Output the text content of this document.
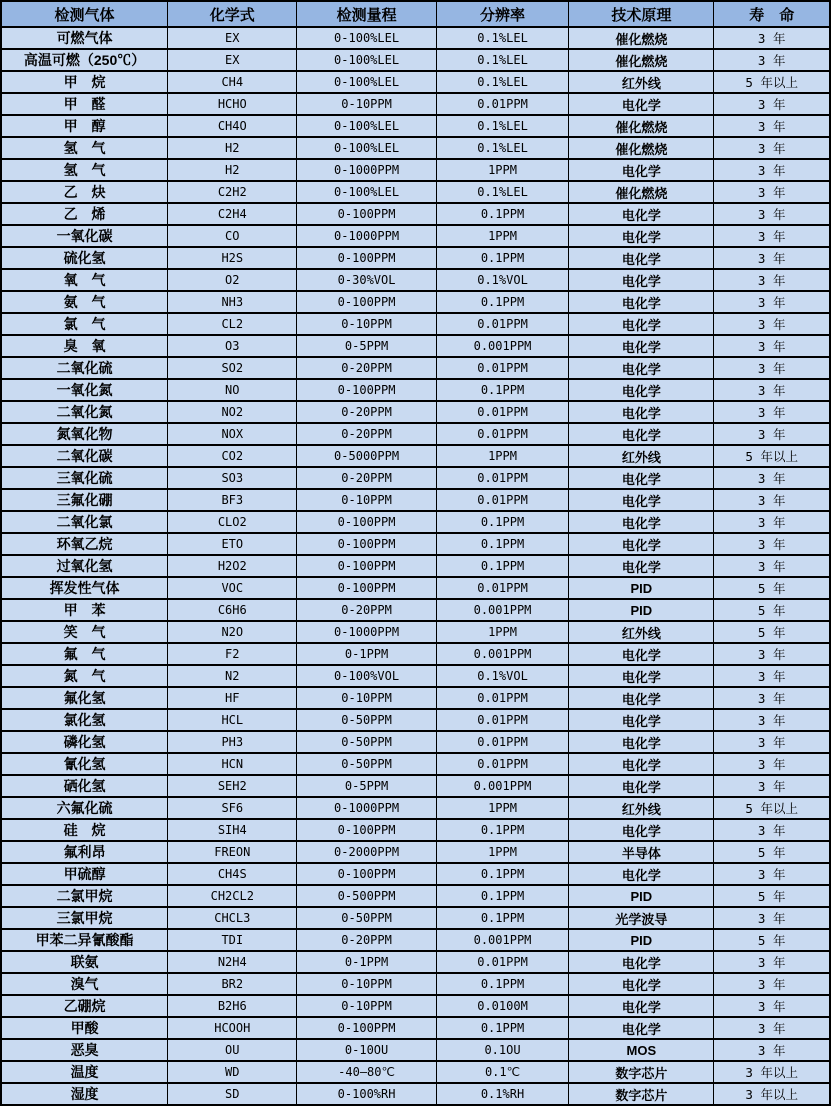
检测气体	化学式	检测量程	分辨率	技术原理	寿　命
可燃气体	EX	0-100%LEL	0.1%LEL	催化燃烧	3 年
高温可燃（250℃）	EX	0-100%LEL	0.1%LEL	催化燃烧	3 年
甲　烷	CH4	0-100%LEL	0.1%LEL	红外线	5 年以上
甲　醛	HCHO	0-10PPM	0.01PPM	电化学	3 年
甲　醇	CH4O	0-100%LEL	0.1%LEL	催化燃烧	3 年
氢　气	H2	0-100%LEL	0.1%LEL	催化燃烧	3 年
氢　气	H2	0-1000PPM	1PPM	电化学	3 年
乙　炔	C2H2	0-100%LEL	0.1%LEL	催化燃烧	3 年
乙　烯	C2H4	0-100PPM	0.1PPM	电化学	3 年
一氧化碳	CO	0-1000PPM	1PPM	电化学	3 年
硫化氢	H2S	0-100PPM	0.1PPM	电化学	3 年
氧　气	O2	0-30%VOL	0.1%VOL	电化学	3 年
氨　气	NH3	0-100PPM	0.1PPM	电化学	3 年
氯　气	CL2	0-10PPM	0.01PPM	电化学	3 年
臭　氧	O3	0-5PPM	0.001PPM	电化学	3 年
二氧化硫	SO2	0-20PPM	0.01PPM	电化学	3 年
一氧化氮	NO	0-100PPM	0.1PPM	电化学	3 年
二氧化氮	NO2	0-20PPM	0.01PPM	电化学	3 年
氮氧化物	NOX	0-20PPM	0.01PPM	电化学	3 年
二氧化碳	CO2	0-5000PPM	1PPM	红外线	5 年以上
三氧化硫	SO3	0-20PPM	0.01PPM	电化学	3 年
三氟化硼	BF3	0-10PPM	0.01PPM	电化学	3 年
二氧化氯	CLO2	0-100PPM	0.1PPM	电化学	3 年
环氧乙烷	ETO	0-100PPM	0.1PPM	电化学	3 年
过氧化氢	H2O2	0-100PPM	0.1PPM	电化学	3 年
挥发性气体	VOC	0-100PPM	0.01PPM	PID	5 年
甲　苯	C6H6	0-20PPM	0.001PPM	PID	5 年
笑　气	N2O	0-1000PPM	1PPM	红外线	5 年
氟　气	F2	0-1PPM	0.001PPM	电化学	3 年
氮　气	N2	0-100%VOL	0.1%VOL	电化学	3 年
氟化氢	HF	0-10PPM	0.01PPM	电化学	3 年
氯化氢	HCL	0-50PPM	0.01PPM	电化学	3 年
磷化氢	PH3	0-50PPM	0.01PPM	电化学	3 年
氰化氢	HCN	0-50PPM	0.01PPM	电化学	3 年
硒化氢	SEH2	0-5PPM	0.001PPM	电化学	3 年
六氟化硫	SF6	0-1000PPM	1PPM	红外线	5 年以上
硅　烷	SIH4	0-100PPM	0.1PPM	电化学	3 年
氟利昂	FREON	0-2000PPM	1PPM	半导体	5 年
甲硫醇	CH4S	0-100PPM	0.1PPM	电化学	3 年
二氯甲烷	CH2CL2	0-500PPM	0.1PPM	PID	5 年
三氯甲烷	CHCL3	0-50PPM	0.1PPM	光学波导	3 年
甲苯二异氰酸酯	TDI	0-20PPM	0.001PPM	PID	5 年
联氨	N2H4	0-1PPM	0.01PPM	电化学	3 年
溴气	BR2	0-10PPM	0.1PPM	电化学	3 年
乙硼烷	B2H6	0-10PPM	0.0100M	电化学	3 年
甲酸	HCOOH	0-100PPM	0.1PPM	电化学	3 年
恶臭	OU	0-10OU	0.1OU	MOS	3 年
温度	WD	-40—80℃	0.1℃	数字芯片	3 年以上
湿度	SD	0-100%RH	0.1%RH	数字芯片	3 年以上
